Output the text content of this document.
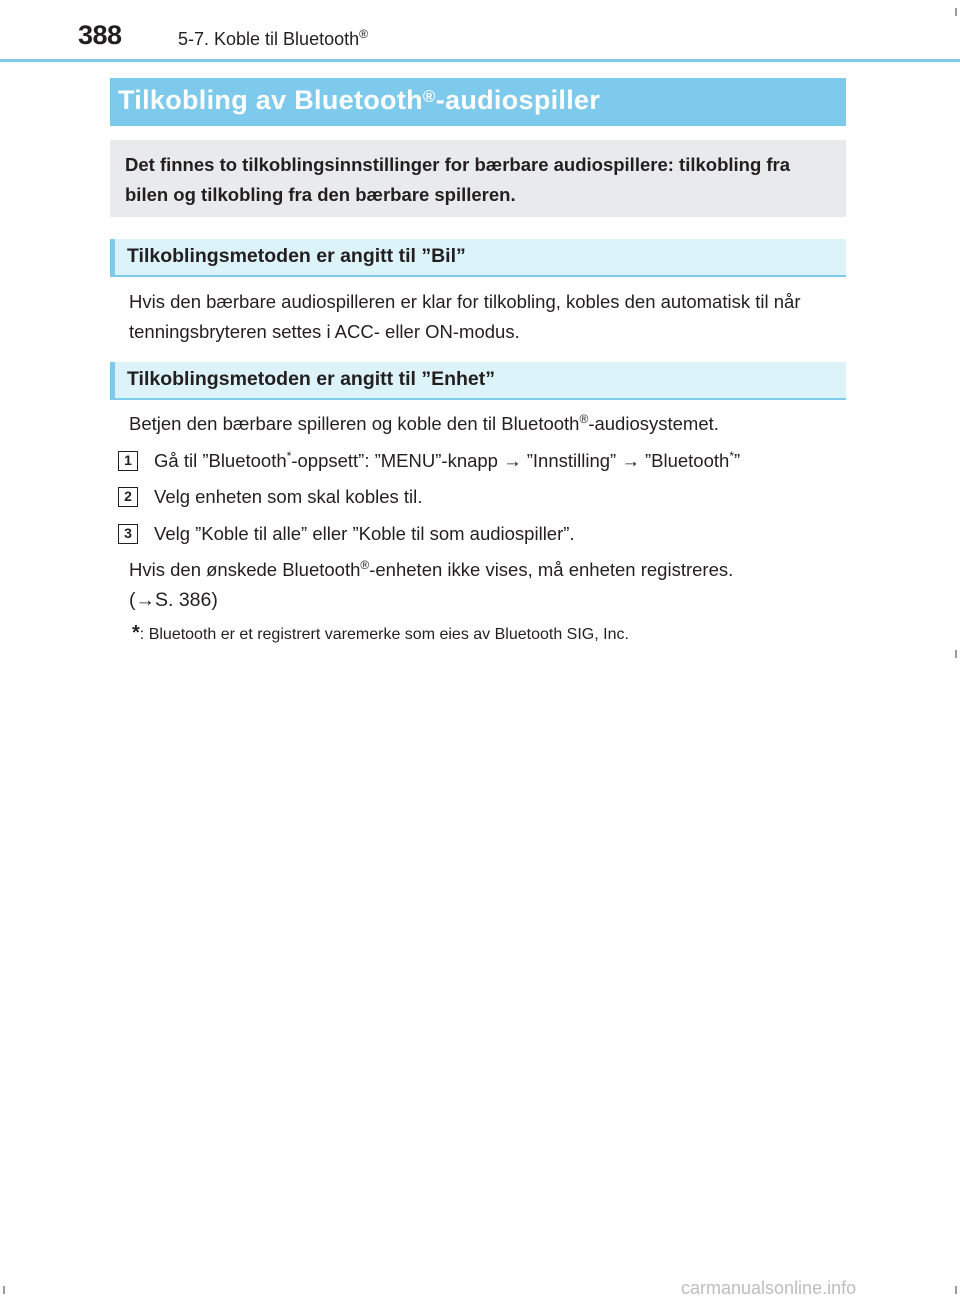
388	5-7. Koble til Bluetooth®
Tilkobling av Bluetooth®-audiospiller
Det finnes to tilkoblingsinnstillinger for bærbare audiospillere: tilkobling fra bilen og tilkobling fra den bærbare spilleren.
Tilkoblingsmetoden er angitt til ”Bil”
Hvis den bærbare audiospilleren er klar for tilkobling, kobles den automatisk til når tenningsbryteren settes i ACC- eller ON-modus.
Tilkoblingsmetoden er angitt til ”Enhet”
Betjen den bærbare spilleren og koble den til Bluetooth®-audiosystemet.
1	Gå til ”Bluetooth*-oppsett”: ”MENU”-knapp → ”Innstilling” → ”Bluetooth*”
2	Velg enheten som skal kobles til.
3	Velg ”Koble til alle” eller ”Koble til som audiospiller”.
Hvis den ønskede Bluetooth®-enheten ikke vises, må enheten registreres.
(→S. 386)
*: Bluetooth er et registrert varemerke som eies av Bluetooth SIG, Inc.
carmanualsonline.info
